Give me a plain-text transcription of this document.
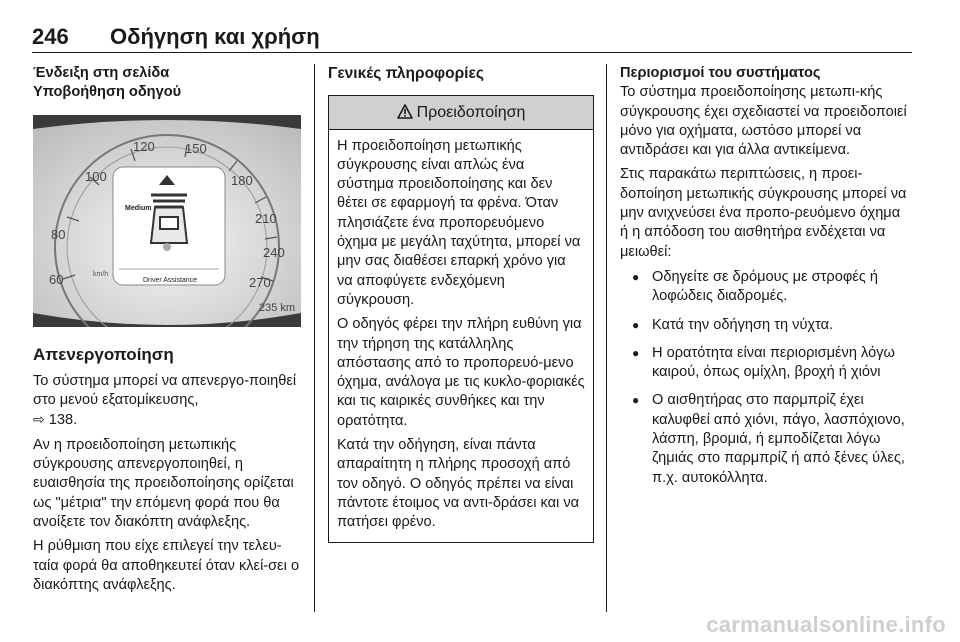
246 Οδήγηση και χρήση
Ένδειξη στη σελίδα
Υποβοήθηση οδηγού
60
80
100
120 150
180
210
240
270
km/h
Medium
Driver Assistance
235 km
Απενεργοποίηση

Το σύστημα μπορεί να απενεργο-ποιηθεί στο μενού εξατομίκευσης,
⇨ 138.

Αν η προειδοποίηση μετωπικής σύγκρουσης απενεργοποιηθεί, η ευαισθησία της προειδοποίησης ορίζεται ως "μέτρια" την επόμενη φορά που θα ανοίξετε τον διακόπτη ανάφλεξης.

Η ρύθμιση που είχε επιλεγεί την τελευ-ταία φορά θα αποθηκευτεί όταν κλεί-σει ο διακόπτης ανάφλεξης.

Γενικές πληροφορίες
Προειδοποίηση

Η προειδοποίηση μετωπικής σύγκρουσης είναι απλώς ένα σύστημα προειδοποίησης και δεν θέτει σε εφαρμογή τα φρένα. Όταν πλησιάζετε ένα προπορευόμενο όχημα με μεγάλη ταχύτητα, μπορεί να μην σας διαθέσει επαρκή χρόνο για να αποφύγετε ενδεχόμενη σύγκρουση.

Ο οδηγός φέρει την πλήρη ευθύνη για την τήρηση της κατάλληλης απόστασης από το προπορευό-μενο όχημα, ανάλογα με τις κυκλο-φοριακές και τις καιρικές συνθήκες και την ορατότητα.

Κατά την οδήγηση, είναι πάντα απαραίτητη η πλήρης προσοχή από τον οδηγό. Ο οδηγός πρέπει να είναι πάντοτε έτοιμος να αντι-δράσει και να πατήσει φρένο.

Περιορισμοί του συστήματος

Το σύστημα προειδοποίησης μετωπι-κής σύγκρουσης έχει σχεδιαστεί να προειδοποιεί μόνο για οχήματα, ωστόσο μπορεί να αντιδράσει και για άλλα αντικείμενα.

Στις παρακάτω περιπτώσεις, η προει-δοποίηση μετωπικής σύγκρουσης μπορεί να μην ανιχνεύσει ένα προπο-ρευόμενο όχημα ή η απόδοση του αισθητήρα ενδέχεται να μειωθεί:

● Οδηγείτε σε δρόμους με στροφές ή λοφώδεις διαδρομές.
● Κατά την οδήγηση τη νύχτα.
● Η ορατότητα είναι περιορισμένη λόγω καιρού, όπως ομίχλη, βροχή ή χιόνι
● Ο αισθητήρας στο παρμπρίζ έχει καλυφθεί από χιόνι, πάγο, λασπόχιονο, λάσπη, βρομιά, ή εμποδίζεται λόγω ζημιάς στο παρμπρίζ ή από ξένες ύλες, π.χ. αυτοκόλλητα.
carmanualsonline.info
